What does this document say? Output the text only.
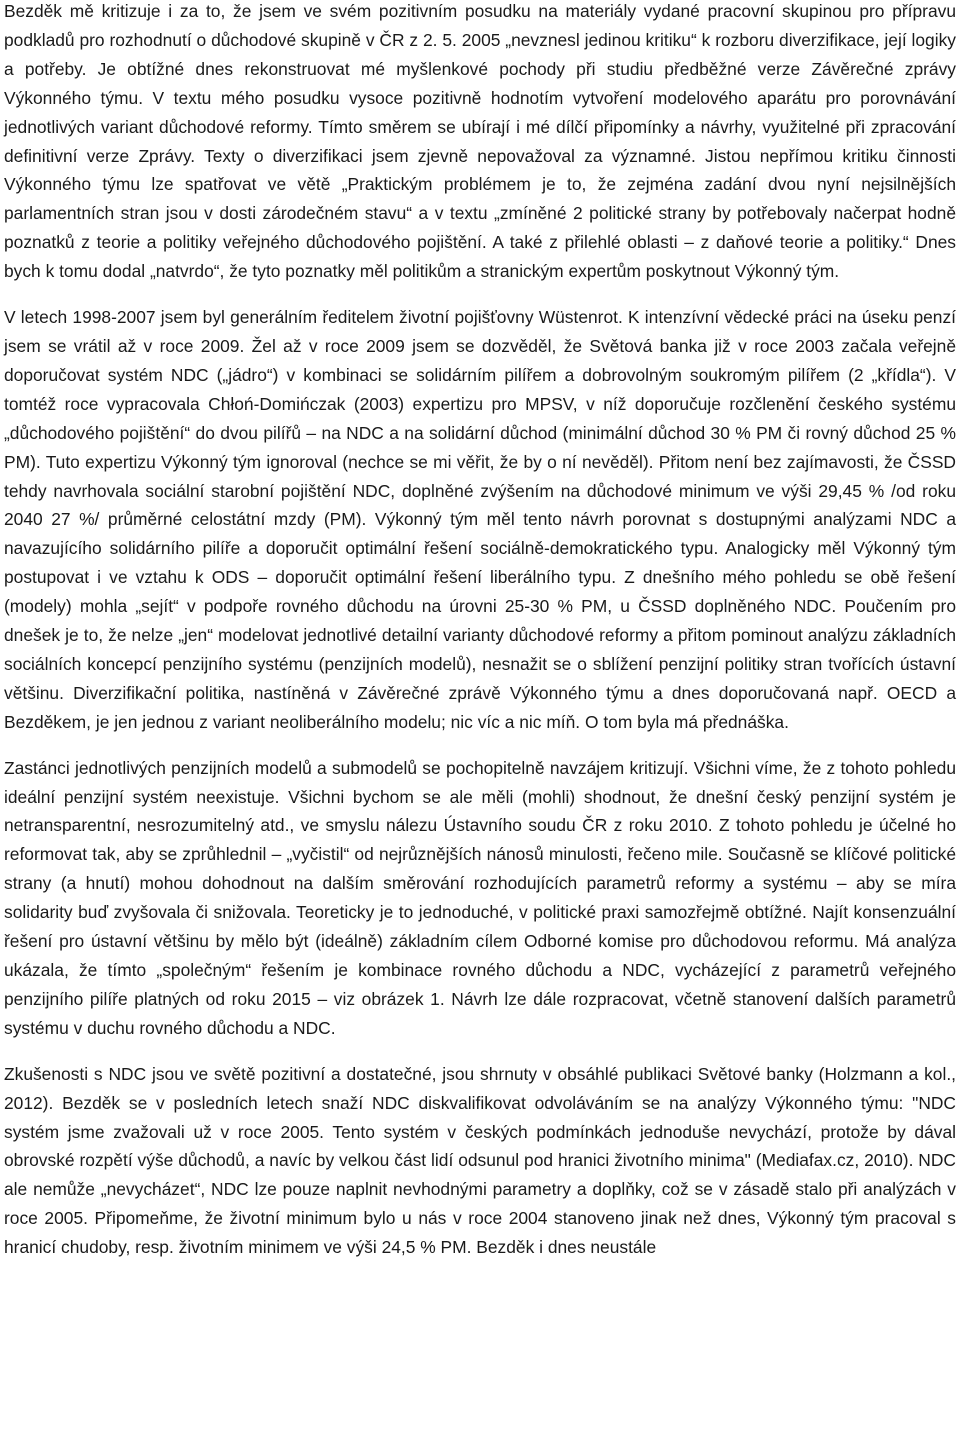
Bezděk mě kritizuje i za to, že jsem ve svém pozitivním posudku na materiály vydané pracovní skupinou pro přípravu podkladů pro rozhodnutí o důchodové skupině v ČR z 2. 5. 2005 „nevznesl jedinou kritiku“ k rozboru diverzifikace, její logiky a potřeby. Je obtížné dnes rekonstruovat mé myšlenkové pochody při studiu předběžné verze Závěrečné zprávy Výkonného týmu. V textu mého posudku vysoce pozitivně hodnotím vytvoření modelového aparátu pro porovnávání jednotlivých variant důchodové reformy. Tímto směrem se ubírají i mé dílčí připomínky a návrhy, využitelné při zpracování definitivní verze Zprávy. Texty o diverzifikaci jsem zjevně nepovažoval za významné. Jistou nepřímou kritiku činnosti Výkonného týmu lze spatřovat ve větě „Praktickým problémem je to, že zejména zadání dvou nyní nejsilnějších parlamentních stran jsou v dosti zárodečném stavu“ a v textu „zmíněné 2 politické strany by potřebovaly načerpat hodně poznatků z teorie a politiky veřejného důchodového pojištění. A také z přilehlé oblasti – z daňové teorie a politiky.“ Dnes bych k tomu dodal „natvrdo“, že tyto poznatky měl politikům a stranickým expertům poskytnout Výkonný tým.

V letech 1998-2007 jsem byl generálním ředitelem životní pojišťovny Wüstenrot. K intenzívní vědecké práci na úseku penzí jsem se vrátil až v roce 2009. Žel až v roce 2009 jsem se dozvěděl, že Světová banka již v roce 2003 začala veřejně doporučovat systém NDC („jádro“) v kombinaci se solidárním pilířem a dobrovolným soukromým pilířem (2 „křídla“). V tomtéž roce vypracovala Chłoń-Domińczak (2003) expertizu pro MPSV, v níž doporučuje rozčlenění českého systému „důchodového pojištění“ do dvou pilířů – na NDC a na solidární důchod (minimální důchod 30 % PM či rovný důchod 25 % PM). Tuto expertizu Výkonný tým ignoroval (nechce se mi věřit, že by o ní nevěděl). Přitom není bez zajímavosti, že ČSSD tehdy navrhovala sociální starobní pojištění NDC, doplněné zvýšením na důchodové minimum ve výši 29,45 % /od roku 2040 27 %/ průměrné celostátní mzdy (PM). Výkonný tým měl tento návrh porovnat s dostupnými analýzami NDC a navazujícího solidárního pilíře a doporučit optimální řešení sociálně-demokratického typu. Analogicky měl Výkonný tým postupovat i ve vztahu k ODS – doporučit optimální řešení liberálního typu. Z dnešního mého pohledu se obě řešení (modely) mohla „sejít“ v podpoře rovného důchodu na úrovni 25-30 % PM, u ČSSD doplněného NDC. Poučením pro dnešek je to, že nelze „jen“ modelovat jednotlivé detailní varianty důchodové reformy a přitom pominout analýzu základních sociálních koncepcí penzijního systému (penzijních modelů), nesnažit se o sblížení penzijní politiky stran tvořících ústavní většinu. Diverzifikační politika, nastíněná v Závěrečné zprávě Výkonného týmu a dnes doporučovaná např. OECD a Bezděkem, je jen jednou z variant neoliberálního modelu; nic víc a nic míň. O tom byla má přednáška.

Zastánci jednotlivých penzijních modelů a submodelů se pochopitelně navzájem kritizují. Všichni víme, že z tohoto pohledu ideální penzijní systém neexistuje. Všichni bychom se ale měli (mohli) shodnout, že dnešní český penzijní systém je netransparentní, nesrozumitelný atd., ve smyslu nálezu Ústavního soudu ČR z roku 2010. Z tohoto pohledu je účelné ho reformovat tak, aby se zprůhlednil – „vyčistil“ od nejrůznějších nánosů minulosti, řečeno mile. Současně se klíčové politické strany (a hnutí) mohou dohodnout na dalším směrování rozhodujících parametrů reformy a systému – aby se míra solidarity buď zvyšovala či snižovala. Teoreticky je to jednoduché, v politické praxi samozřejmě obtížné. Najít konsenzuální řešení pro ústavní většinu by mělo být (ideálně) základním cílem Odborné komise pro důchodovou reformu. Má analýza ukázala, že tímto „společným“ řešením je kombinace rovného důchodu a NDC, vycházející z parametrů veřejného penzijního pilíře platných od roku 2015 – viz obrázek 1. Návrh lze dále rozpracovat, včetně stanovení dalších parametrů systému v duchu rovného důchodu a NDC.

Zkušenosti s NDC jsou ve světě pozitivní a dostatečné, jsou shrnuty v obsáhlé publikaci Světové banky (Holzmann a kol., 2012). Bezděk se v posledních letech snaží NDC diskvalifikovat odvoláváním se na analýzy Výkonného týmu: "NDC systém jsme zvažovali už v roce 2005. Tento systém v českých podmínkách jednoduše nevychází, protože by dával obrovské rozpětí výše důchodů, a navíc by velkou část lidí odsunul pod hranici životního minima" (Mediafax.cz, 2010). NDC ale nemůže „nevycházet“, NDC lze pouze naplnit nevhodnými parametry a doplňky, což se v zásadě stalo při analýzách v roce 2005. Připomeňme, že životní minimum bylo u nás v roce 2004 stanoveno jinak než dnes, Výkonný tým pracoval s hranicí chudoby, resp. životním minimem ve výši 24,5 % PM. Bezděk i dnes neustále
